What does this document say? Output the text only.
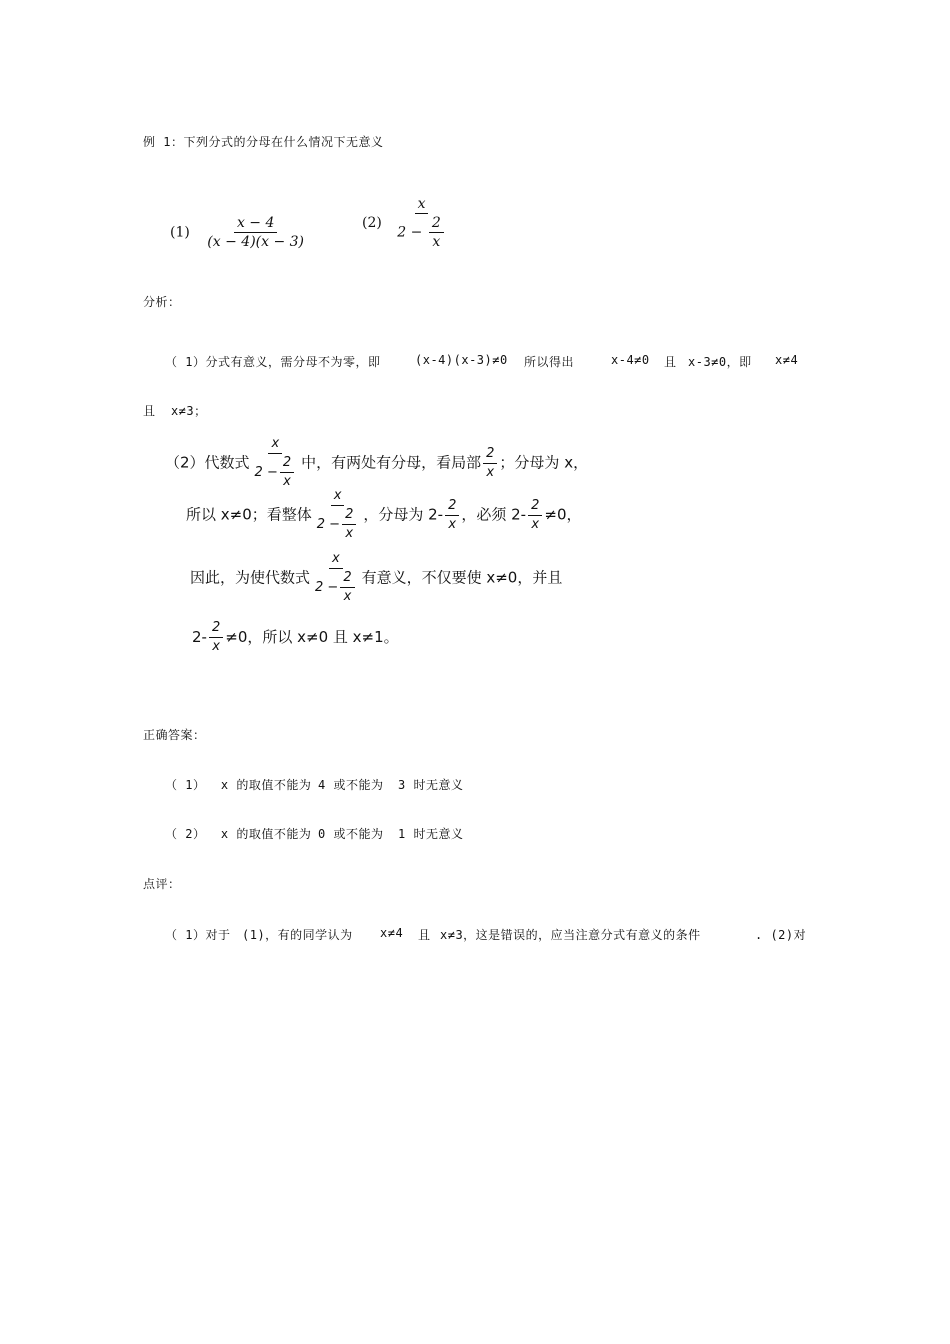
例 1：下列分式的分母在什么情况下无意义
$(1) \frac{x - 4}{(x - 4)(x - 3)}$	$(2) \frac{x}{2 - \frac{2}{x}}$
分析：
（ 1）分式有意义，需分母不为零，即	(x-4)(x-3)≠0 所以得出	x-4≠0 且 x-3≠0，即 x≠4
且  x≠3；
（2）代数式 $\frac{x}{2 - \frac{2}{x}}$ 中，有两处有分母，看局部 $\frac{2}{x}$ ；分母为 x，
所以 x≠0；看整体 $\frac{x}{2 - \frac{2}{x}}$ ，分母为 $2- \frac{2}{x}$ ，必须 $2- \frac{2}{x} \ne 0$，
因此，为使代数式 $\frac{x}{2 - \frac{2}{x}}$ 有意义，不仅要使 x≠0，并且
$2- \frac{2}{x} \ne 0$，所以 x≠0 且 x≠1。
正确答案：
（ 1）  x 的取值不能为 4 或不能为 3 时无意义
（ 2）  x 的取值不能为 0 或不能为 1 时无意义
点评：
（ 1）对于 (1)，有的同学认为 x≠4 且 x≠3，这是错误的，应当注意分式有意义的条件	. (2)对
